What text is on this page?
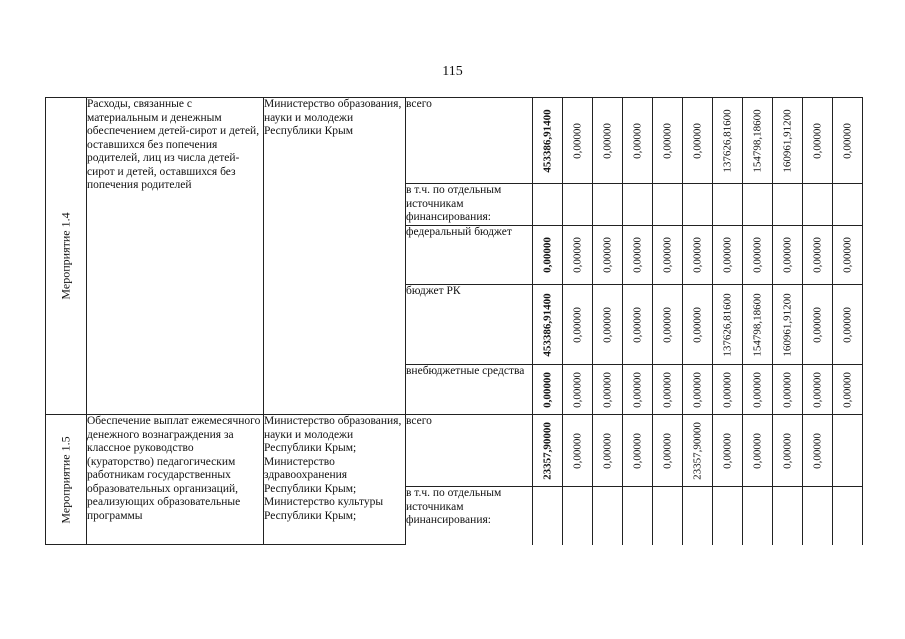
115
Мероприятие 1.4	Расходы, связанные с материальным и денежным обеспечением детей-сирот и детей, оставшихся без попечения родителей, лиц из числа детей-сирот и детей, оставшихся без попечения родителей	Министерство образования, науки и молодежи Республики Крым	всего	453386,91400	0,00000	0,00000	0,00000	0,00000	0,00000	137626,81600	154798,18600	160961,91200	0,00000	0,00000

			в т.ч. по отдельным источникам финансирования:	

			федеральный бюджет	0,00000	0,00000	0,00000	0,00000	0,00000	0,00000	0,00000	0,00000	0,00000	0,00000	0,00000

			бюджет РК	453386,91400	0,00000	0,00000	0,00000	0,00000	0,00000	137626,81600	154798,18600	160961,91200	0,00000	0,00000

			внебюджетные средства	0,00000	0,00000	0,00000	0,00000	0,00000	0,00000	0,00000	0,00000	0,00000	0,00000	0,00000

Мероприятие 1.5	Обеспечение выплат ежемесячного денежного вознаграждения за классное руководство (кураторство) педагогическим работникам государственных образовательных организаций, реализующих образовательные программы	Министерство образования, науки и молодежи Республики Крым; Министерство здравоохранения Республики Крым; Министерство культуры Республики Крым;	всего	23357,90000	0,00000	0,00000	0,00000	0,00000	23357,90000	0,00000	0,00000	0,00000	0,00000	

			в т.ч. по отдельным источникам финансирования:	
